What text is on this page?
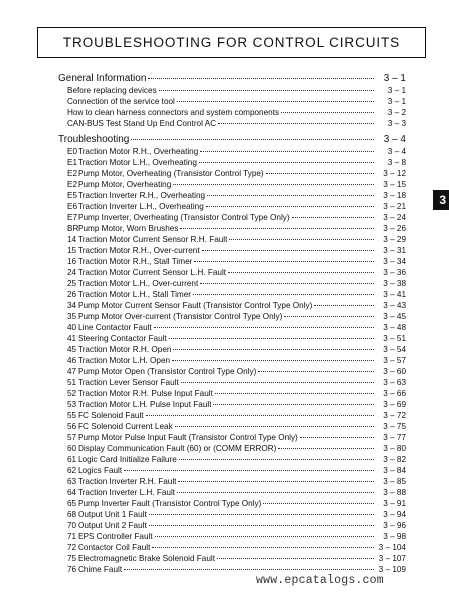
TROUBLESHOOTING FOR CONTROL CIRCUITS
General Information	3 – 1
Before replacing devices	3 – 1
Connection of the service tool	3 – 1
How to clean harness connectors and system components	3 – 2
CAN-BUS Test Stand Up End Control AC	3 – 3
Troubleshooting	3 – 4
E0 Traction Motor R.H., Overheating	3 – 4
E1 Traction Motor L.H., Overheating	3 – 8
E2 Pump Motor, Overheating (Transistor Control Type)	3 – 12
E2 Pump Motor, Overheating	3 – 15
E5 Traction Inverter R.H., Overheating	3 – 18
E6 Traction Inverter L.H., Overheating	3 – 21
E7 Pump Inverter, Overheating (Transistor Control Type Only)	3 – 24
BR Pump Motor, Worn Brushes	3 – 26
14 Traction Motor Current Sensor R.H. Fault	3 – 29
15 Traction Motor R.H., Over-current	3 – 31
16 Traction Motor R.H., Stall Timer	3 – 34
24 Traction Motor Current Sensor L.H. Fault	3 – 36
25 Traction Motor L.H., Over-current	3 – 38
26 Traction Motor L.H., Stall Timer	3 – 41
34 Pump Motor Current Sensor Fault (Transistor Control Type Only)	3 – 43
35 Pump Motor Over-current (Transistor Control Type Only)	3 – 45
40 Line Contactor Fault	3 – 48
41 Steering Contactor Fault	3 – 51
45 Traction Motor R.H. Open	3 – 54
46 Traction Motor L.H. Open	3 – 57
47 Pump Motor Open (Transistor Control Type Only)	3 – 60
51 Traction Lever Sensor Fault	3 – 63
52 Traction Motor R.H. Pulse Input Fault	3 – 66
53 Traction Motor L.H. Pulse Input Fault	3 – 69
55 FC Solenoid Fault	3 – 72
56 FC Solenoid Current Leak	3 – 75
57 Pump Motor Pulse Input Fault (Transistor Control Type Only)	3 – 77
60 Display Communication Fault (60) or (COMM ERROR)	3 – 80
61 Logic Card Initialize Failure	3 – 82
62 Logics Fault	3 – 84
63 Traction Inverter R.H. Fault	3 – 85
64 Traction Inverter L.H. Fault	3 – 88
65 Pump Inverter Fault (Transistor Control Type Only)	3 – 91
68 Output Unit 1 Fault	3 – 94
70 Output Unit 2 Fault	3 – 96
71 EPS Controller Fault	3 – 98
72 Contactor Coil Fault	3 – 104
75 Electromagnetic Brake Solenoid Fault	3 – 107
76 Chime Fault	3 – 109
3
www.epcatalogs.com
